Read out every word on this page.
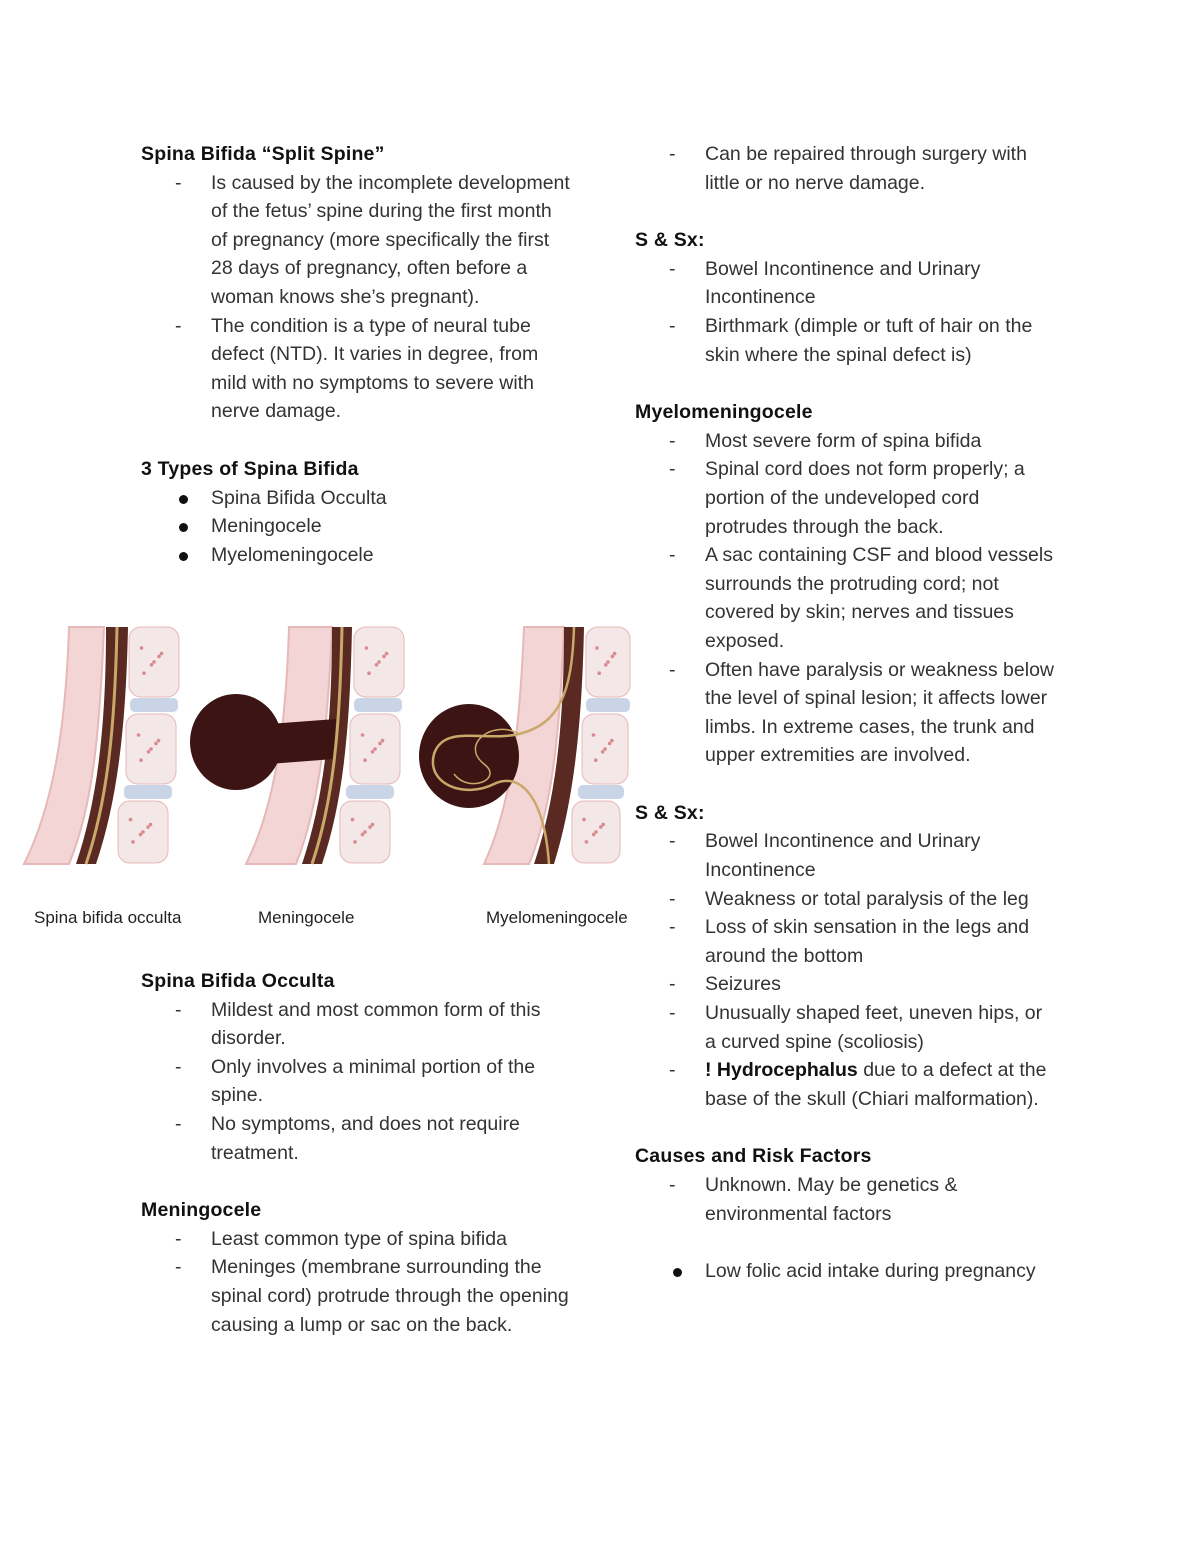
Spina Bifida “Split Spine”
- Is caused by the incomplete development of the fetus’ spine during the first month of pregnancy (more specifically the first 28 days of pregnancy, often before a woman knows she’s pregnant).
- The condition is a type of neural tube defect (NTD). It varies in degree, from mild with no symptoms to severe with nerve damage.
3 Types of Spina Bifida
Spina Bifida Occulta
Meningocele
Myelomeningocele
Spina bifida occulta	Meningocele	Myelomeningocele
Spina Bifida Occulta
- Mildest and most common form of this disorder.
- Only involves a minimal portion of the spine.
- No symptoms, and does not require treatment.
Meningocele
- Least common type of spina bifida
- Meninges (membrane surrounding the spinal cord) protrude through the opening causing a lump or sac on the back.
- Can be repaired through surgery with little or no nerve damage.
S & Sx:
- Bowel Incontinence and Urinary Incontinence
- Birthmark (dimple or tuft of hair on the skin where the spinal defect is)
Myelomeningocele
- Most severe form of spina bifida
- Spinal cord does not form properly; a portion of the undeveloped cord protrudes through the back.
- A sac containing CSF and blood vessels surrounds the protruding cord; not covered by skin; nerves and tissues exposed.
- Often have paralysis or weakness below the level of spinal lesion; it affects lower limbs. In extreme cases, the trunk and upper extremities are involved.
S & Sx:
- Bowel Incontinence and Urinary Incontinence
- Weakness or total paralysis of the leg
- Loss of skin sensation in the legs and around the bottom
- Seizures
- Unusually shaped feet, uneven hips, or a curved spine (scoliosis)
- ! Hydrocephalus due to a defect at the base of the skull (Chiari malformation).
Causes and Risk Factors
- Unknown. May be genetics & environmental factors
Low folic acid intake during pregnancy
